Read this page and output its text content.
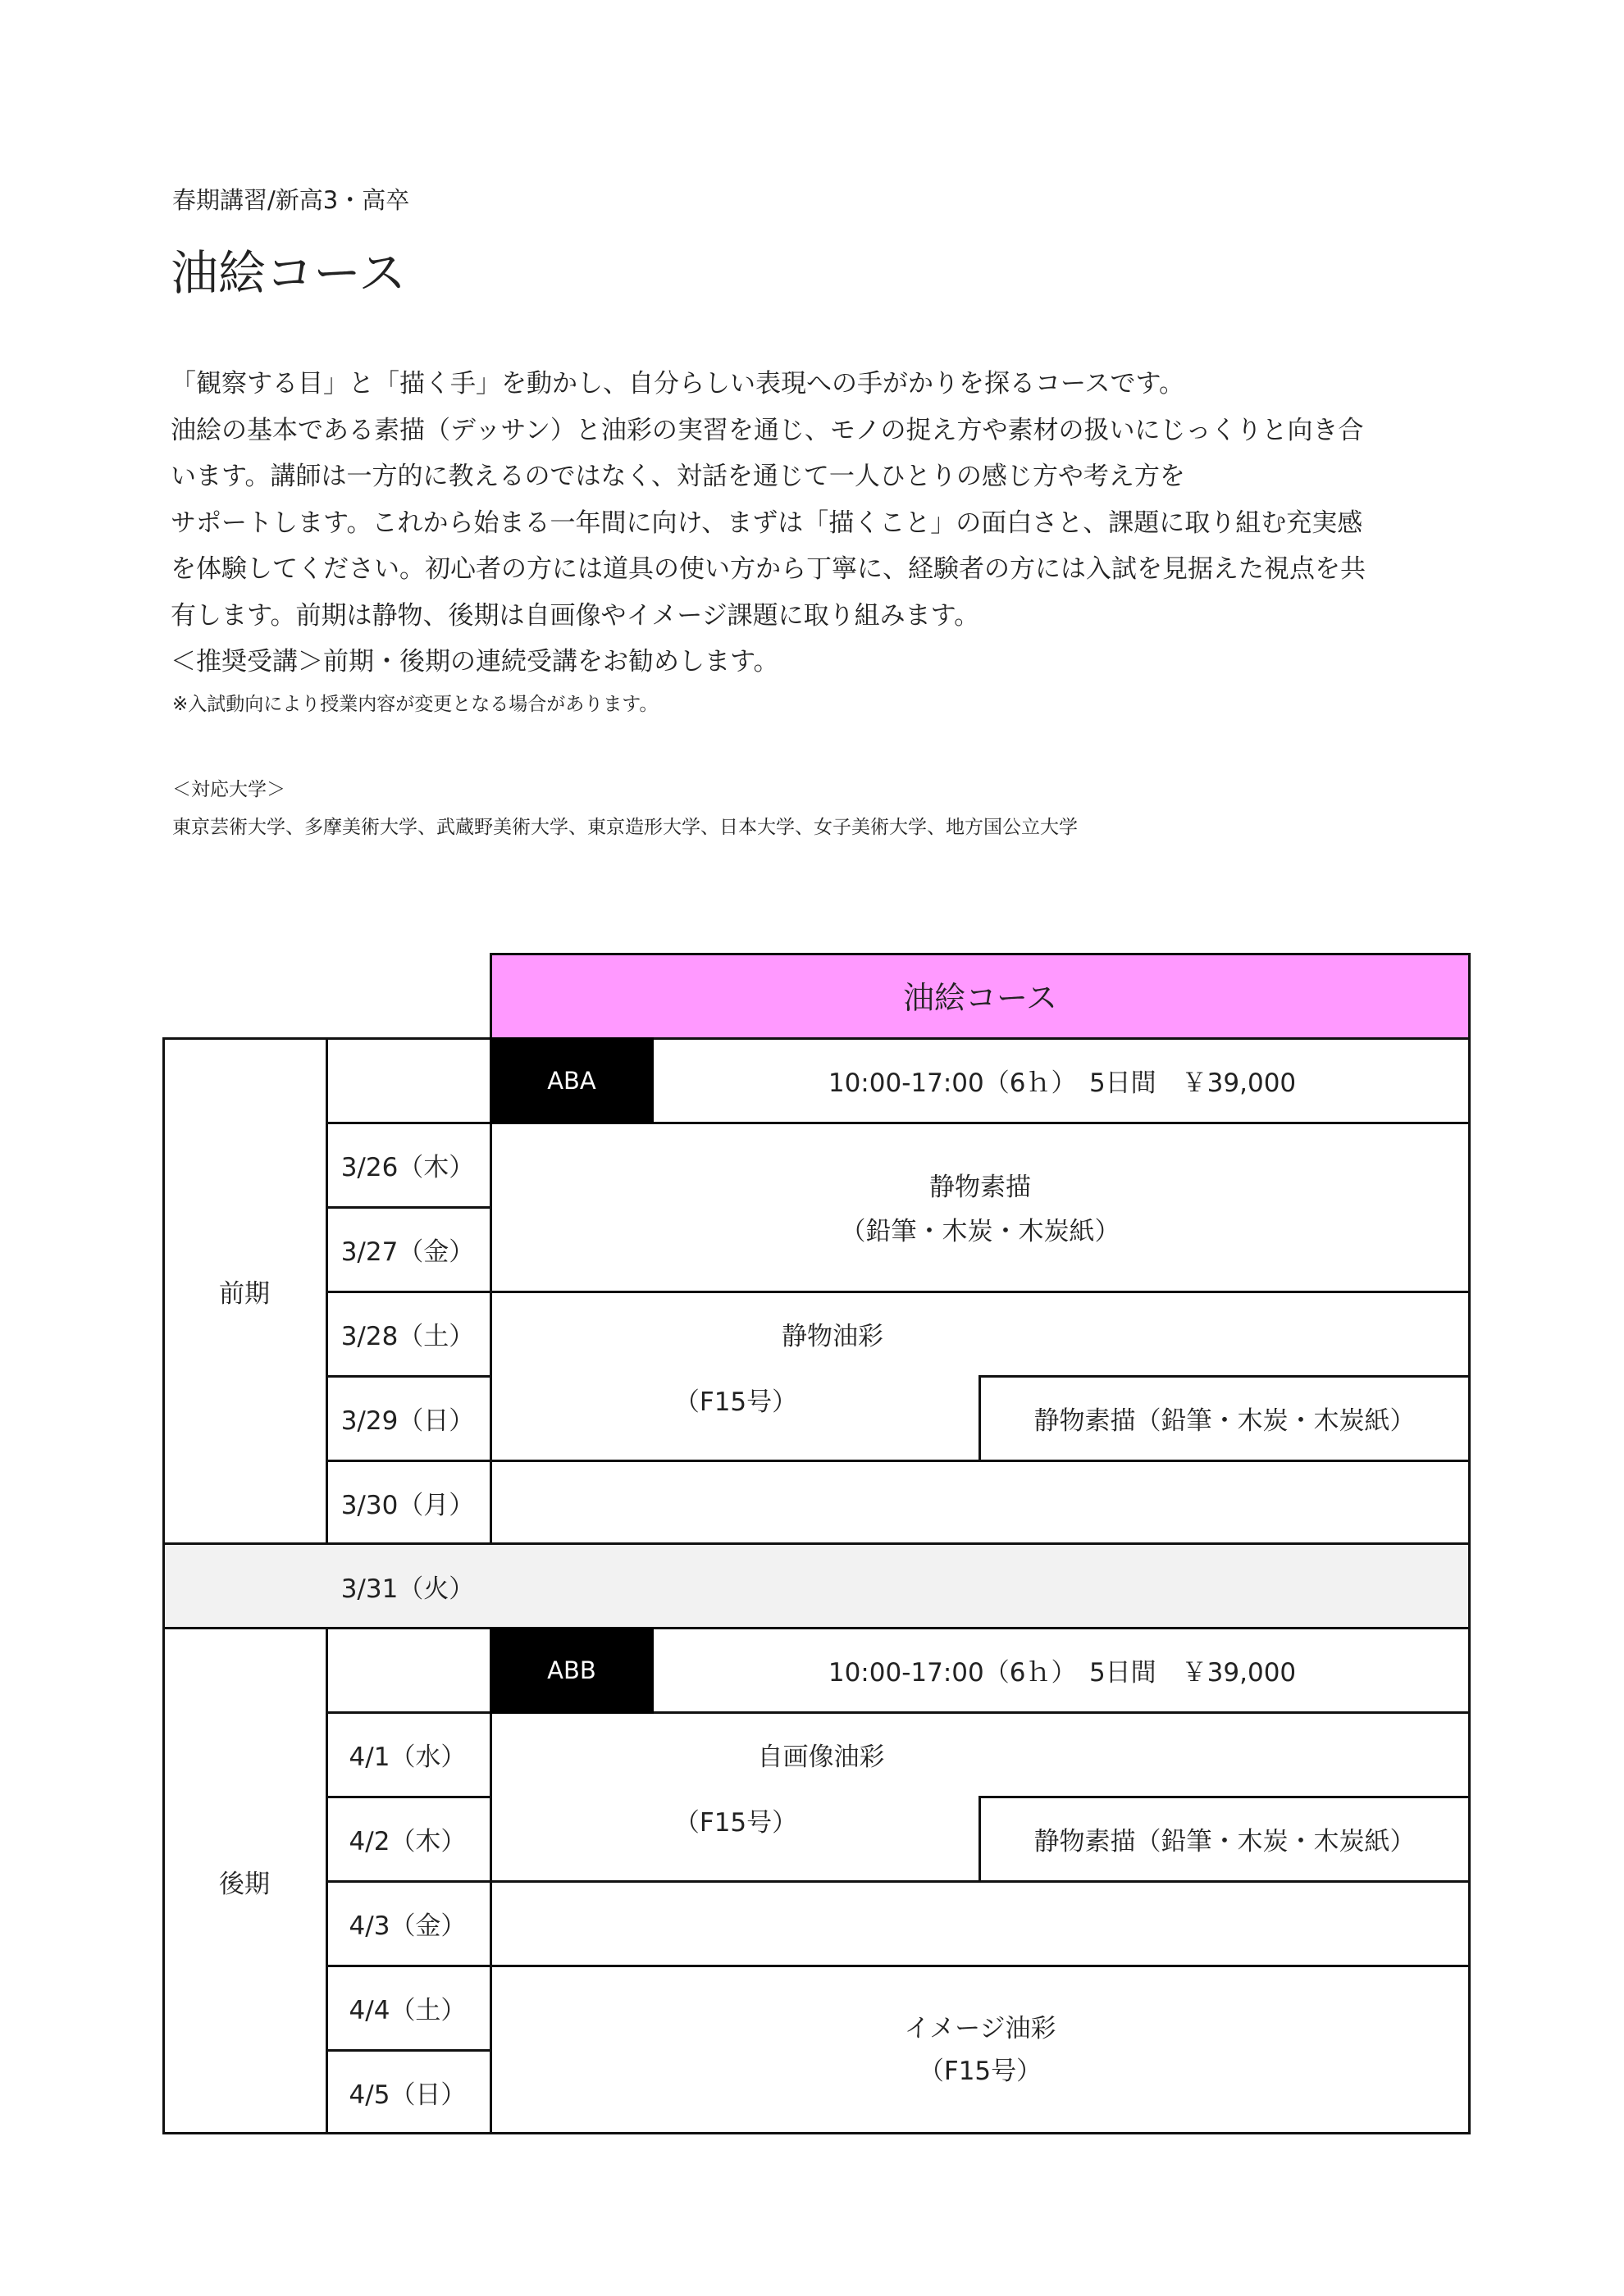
春期講習/新高3・高卒
油絵コース

「観察する目」と「描く手」を動かし、自分らしい表現への手がかりを探るコースです。

油絵の基本である素描（デッサン）と油彩の実習を通じ、モノの捉え方や素材の扱いにじっくりと向き合

います。講師は一方的に教えるのではなく、対話を通じて一人ひとりの感じ方や考え方を

サポートします。これから始まる一年間に向け、まずは「描くこと」の面白さと、課題に取り組む充実感

を体験してください。初心者の方には道具の使い方から丁寧に、経験者の方には入試を見据えた視点を共

有します。前期は静物、後期は自画像やイメージ課題に取り組みます。

＜推奨受講＞前期・後期の連続受講をお勧めします。

※入試動向により授業内容が変更となる場合があります。
＜対応大学＞
東京芸術大学、多摩美術大学、武蔵野美術大学、東京造形大学、日本大学、女子美術大学、地方国公立大学
油絵コース
前期
ABA	10:00-17:00（6ｈ）　5日間　￥39,000
3/26（木）
3/27（金）
3/28（土）
3/29（日）
3/30（月）
静物素描
（鉛筆・木炭・木炭紙）
静物油彩
（F15号）
静物素描（鉛筆・木炭・木炭紙）
3/31（火）
後期
ABB	10:00-17:00（6ｈ）　5日間　￥39,000
4/1（水）
4/2（木）
4/3（金）
4/4（土）
4/5（日）
自画像油彩
（F15号）
静物素描（鉛筆・木炭・木炭紙）
イメージ油彩
（F15号）
